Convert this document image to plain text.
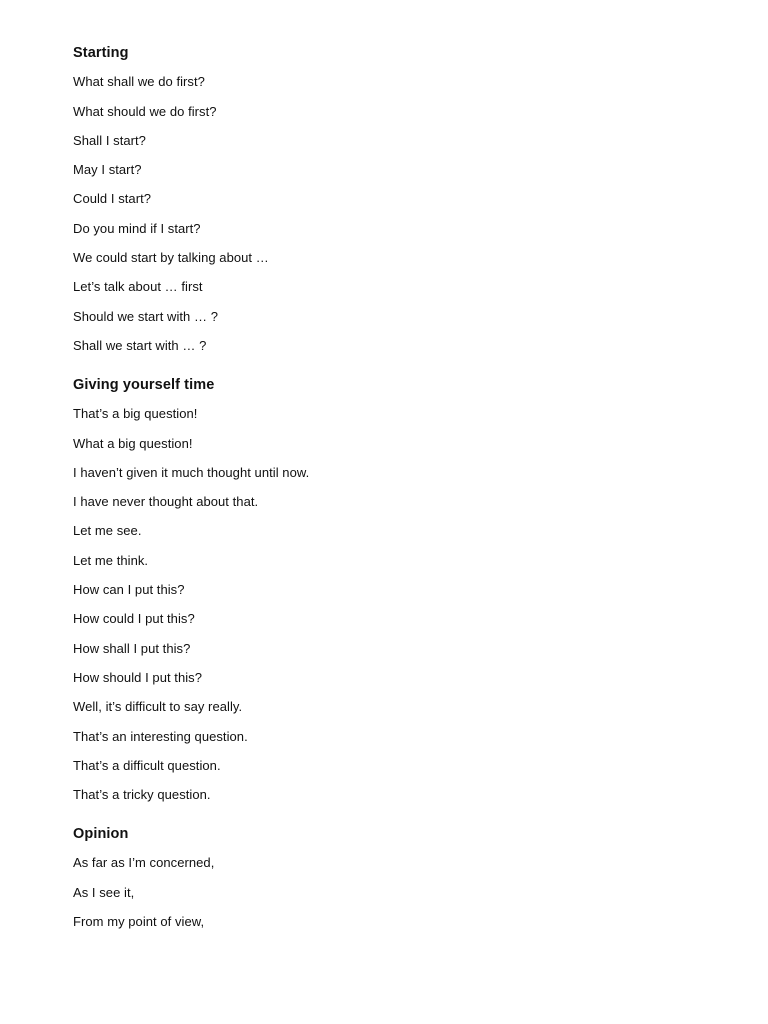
Starting
What shall we do first?
What should we do first?
Shall I start?
May I start?
Could I start?
Do you mind if I start?
We could start by talking about …
Let’s talk about … first
Should we start with … ?
Shall we start with … ?
Giving yourself time
That’s a big question!
What a big question!
I haven’t given it much thought until now.
I have never thought about that.
Let me see.
Let me think.
How can I put this?
How could I put this?
How shall I put this?
How should I put this?
Well, it’s difficult to say really.
That’s an interesting question.
That’s a difficult question.
That’s a tricky question.
Opinion
As far as I’m concerned,
As I see it,
From my point of view,
